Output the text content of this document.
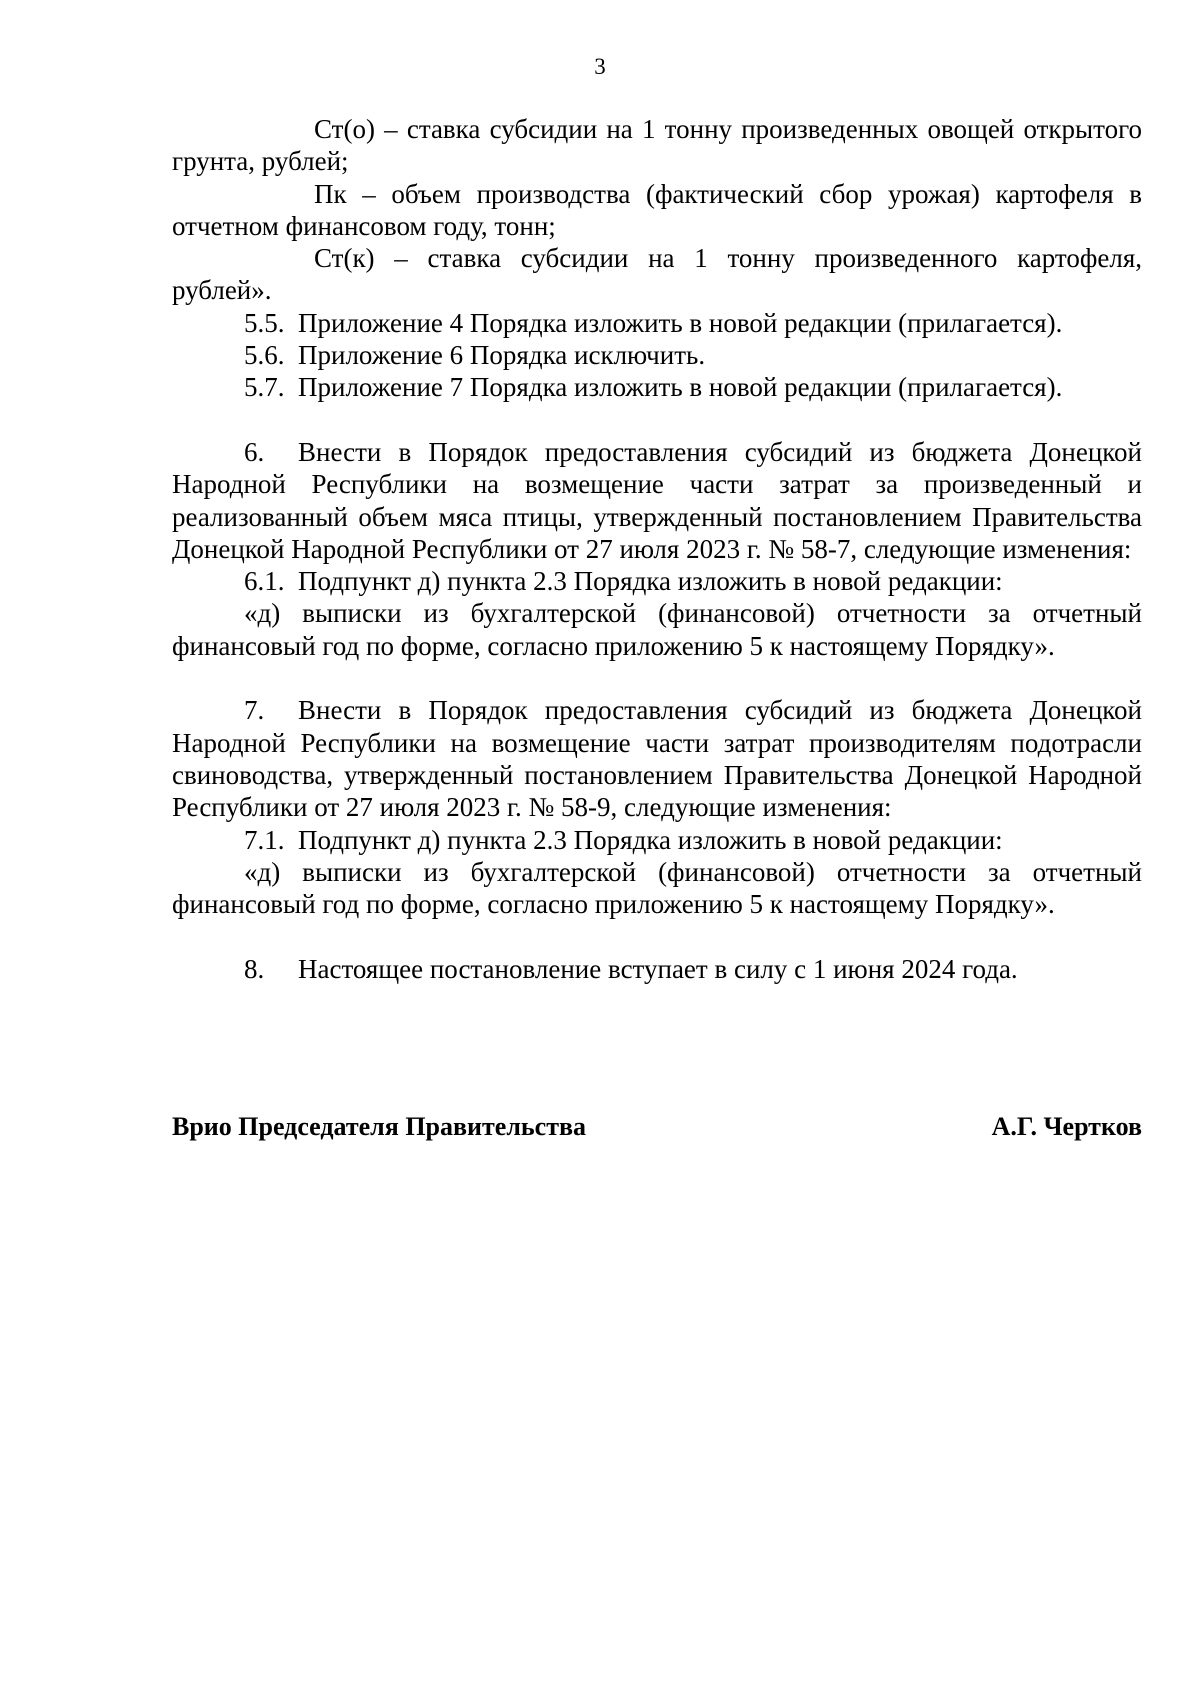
3

Ст(о) – ставка субсидии на 1 тонну произведенных овощей открытого грунта, рублей;

Пк – объем производства (фактический сбор урожая) картофеля в отчетном финансовом году, тонн;

Ст(к) – ставка субсидии на 1 тонну произведенного картофеля, рублей».

5.5. Приложение 4 Порядка изложить в новой редакции (прилагается).

5.6. Приложение 6 Порядка исключить.

5.7. Приложение 7 Порядка изложить в новой редакции (прилагается).

6. Внести в Порядок предоставления субсидий из бюджета Донецкой Народной Республики на возмещение части затрат за произведенный и реализованный объем мяса птицы, утвержденный постановлением Правительства Донецкой Народной Республики от 27 июля 2023 г. № 58-7, следующие изменения:

6.1. Подпункт д) пункта 2.3 Порядка изложить в новой редакции:

«д) выписки из бухгалтерской (финансовой) отчетности за отчетный финансовый год по форме, согласно приложению 5 к настоящему Порядку».

7. Внести в Порядок предоставления субсидий из бюджета Донецкой Народной Республики на возмещение части затрат производителям подотрасли свиноводства, утвержденный постановлением Правительства Донецкой Народной Республики от 27 июля 2023 г. № 58-9, следующие изменения:

7.1. Подпункт д) пункта 2.3 Порядка изложить в новой редакции:

«д) выписки из бухгалтерской (финансовой) отчетности за отчетный финансовый год по форме, согласно приложению 5 к настоящему Порядку».

8. Настоящее постановление вступает в силу с 1 июня 2024 года.

Врио Председателя Правительства	А.Г. Чертков
